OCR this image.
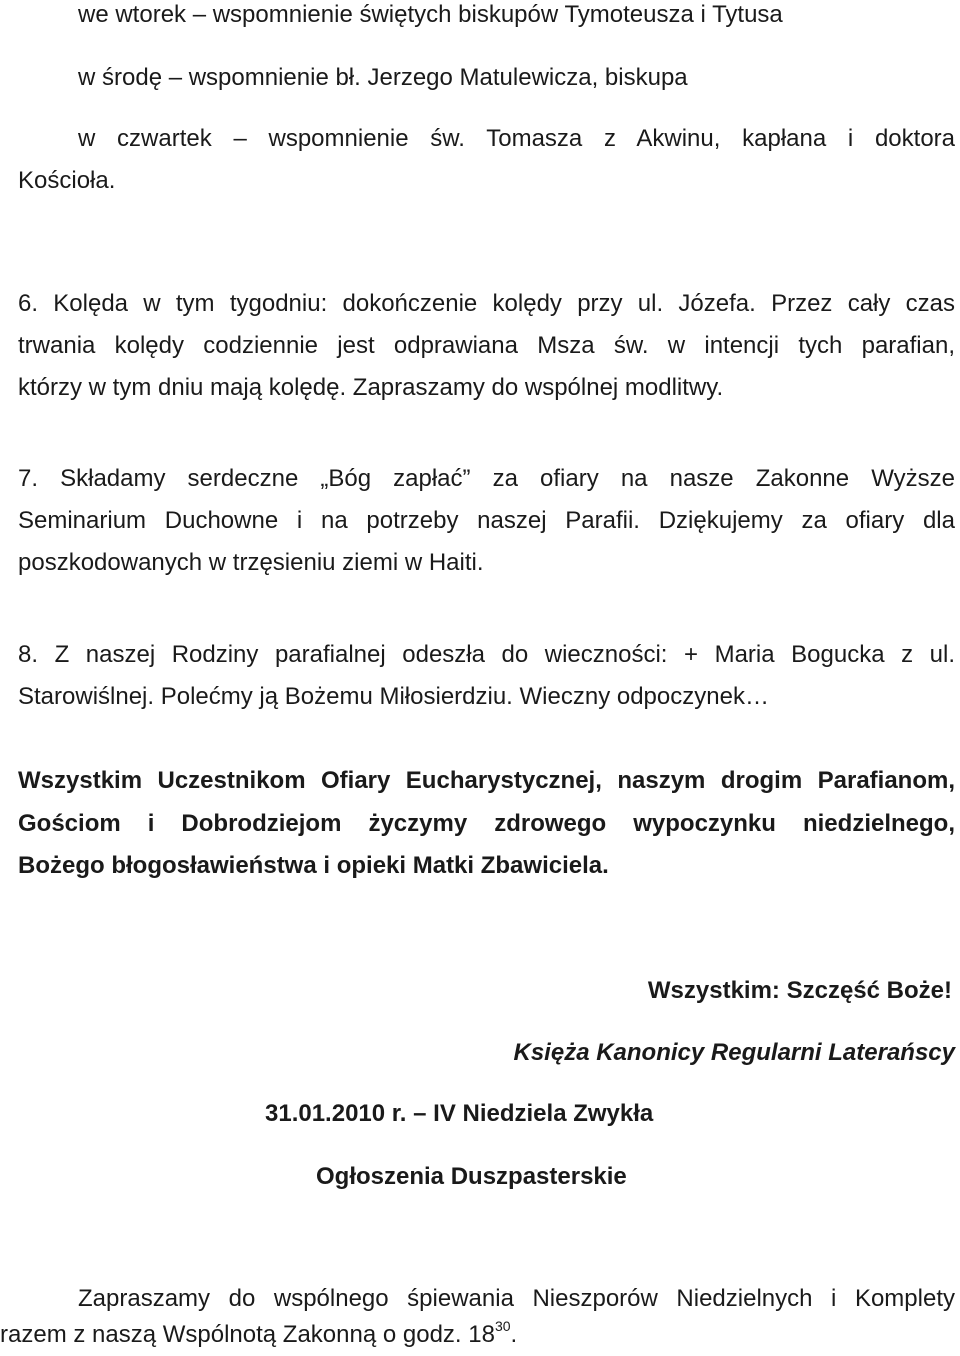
we wtorek – wspomnienie świętych biskupów Tymoteusza i Tytusa

w środę – wspomnienie bł. Jerzego Matulewicza, biskupa

w czwartek – wspomnienie św. Tomasza z Akwinu, kapłana i doktora

Kościoła.

6. Kolęda w tym tygodniu: dokończenie kolędy przy ul. Józefa. Przez cały czas

trwania kolędy codziennie jest odprawiana Msza św. w intencji tych parafian,

którzy w tym dniu mają kolędę. Zapraszamy do wspólnej modlitwy.

7. Składamy serdeczne „Bóg zapłać” za ofiary na nasze Zakonne Wyższe

Seminarium Duchowne i na potrzeby naszej Parafii. Dziękujemy za ofiary dla

poszkodowanych w trzęsieniu ziemi w Haiti.

8. Z naszej Rodziny parafialnej odeszła do wieczności: + Maria Bogucka z ul.

Starowiślnej. Polećmy ją Bożemu Miłosierdziu. Wieczny odpoczynek…

Wszystkim Uczestnikom Ofiary Eucharystycznej, naszym drogim Parafianom,

Gościom i Dobrodziejom życzymy zdrowego wypoczynku niedzielnego,

Bożego błogosławieństwa i opieki Matki Zbawiciela.

Wszystkim: Szczęść Boże!

Księża Kanonicy Regularni Laterańscy

31.01.2010 r. – IV Niedziela Zwykła

Ogłoszenia Duszpasterskie

Zapraszamy do wspólnego śpiewania Nieszporów Niedzielnych i Komplety

razem z naszą Wspólnotą Zakonną o godz. $18^{30}$.
